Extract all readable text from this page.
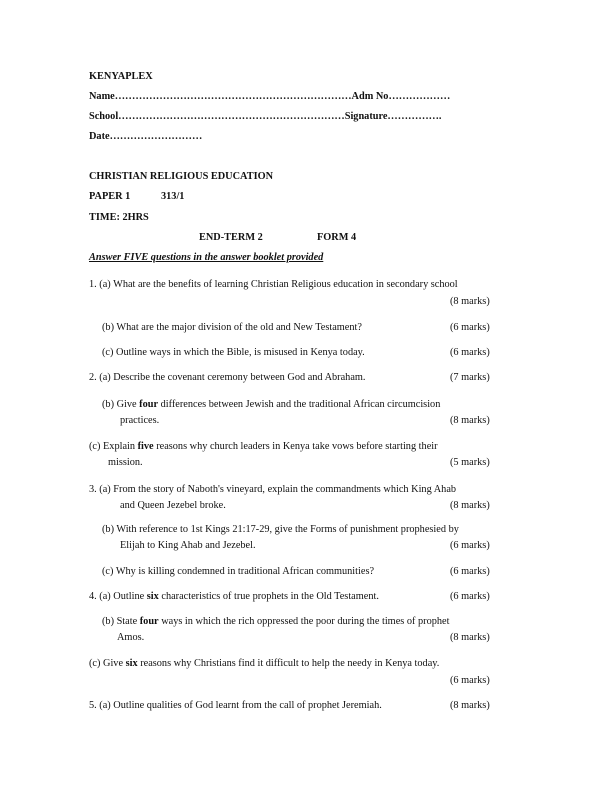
KENYAPLEX
Name……………………………………………………………Adm No………………
School…………………………………………………………Signature…………….
Date………………………
CHRISTIAN RELIGIOUS EDUCATION
PAPER 1	313/1
TIME: 2HRS
END-TERM 2	FORM 4
Answer FIVE questions in the answer booklet provided
1. (a) What are the benefits of learning Christian Religious education in secondary school
(8 marks)
(b) What are the major division of the old and New Testament?	(6 marks)
(c) Outline ways in which the Bible, is misused in Kenya today.	(6 marks)
2. (a) Describe the covenant ceremony between God and Abraham.	(7 marks)
(b) Give four differences between Jewish and the traditional African circumcision
practices.	(8 marks)
(c) Explain five reasons why church leaders in Kenya take vows before starting their
mission.	(5 marks)
3. (a) From the story of Naboth's vineyard, explain the commandments which King Ahab
and Queen Jezebel broke.	(8 marks)
(b) With reference to 1st Kings 21:17-29, give the Forms of punishment prophesied by
Elijah to King Ahab and Jezebel.	(6 marks)
(c) Why is killing condemned in traditional African communities?	(6 marks)
4. (a) Outline six characteristics of true prophets in the Old Testament.	(6 marks)
(b) State four ways in which the rich oppressed the poor during the times of prophet
Amos.	(8 marks)
(c) Give six reasons why Christians find it difficult to help the needy in Kenya today.
(6 marks)
5. (a) Outline qualities of God learnt from the call of prophet Jeremiah.	(8 marks)
